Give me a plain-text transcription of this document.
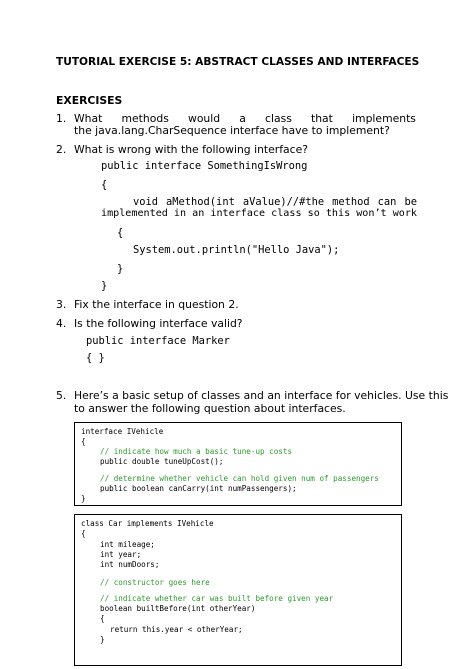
TUTORIAL EXERCISE 5: ABSTRACT CLASSES AND INTERFACES
EXERCISES
1. What methods would a class that implements
the java.lang.CharSequence interface have to implement?
2. What is wrong with the following interface?
public interface SomethingIsWrong
{
void aMethod(int aValue)//#the method can be
implemented in an interface class so this won’t work
{
System.out.println("Hello Java");
}
}
3. Fix the interface in question 2.
4. Is the following interface valid?
public interface Marker
{ }
5. Here’s a basic setup of classes and an interface for vehicles. Use this
to answer the following question about interfaces.
interface IVehicle
{
// indicate how much a basic tune-up costs
public double tuneUpCost();
// determine whether vehicle can hold given num of passengers
public boolean canCarry(int numPassengers);
}
class Car implements IVehicle
{
int mileage;
int year;
int numDoors;
// constructor goes here
// indicate whether car was built before given year
boolean builtBefore(int otherYear)
{
return this.year < otherYear;
}
